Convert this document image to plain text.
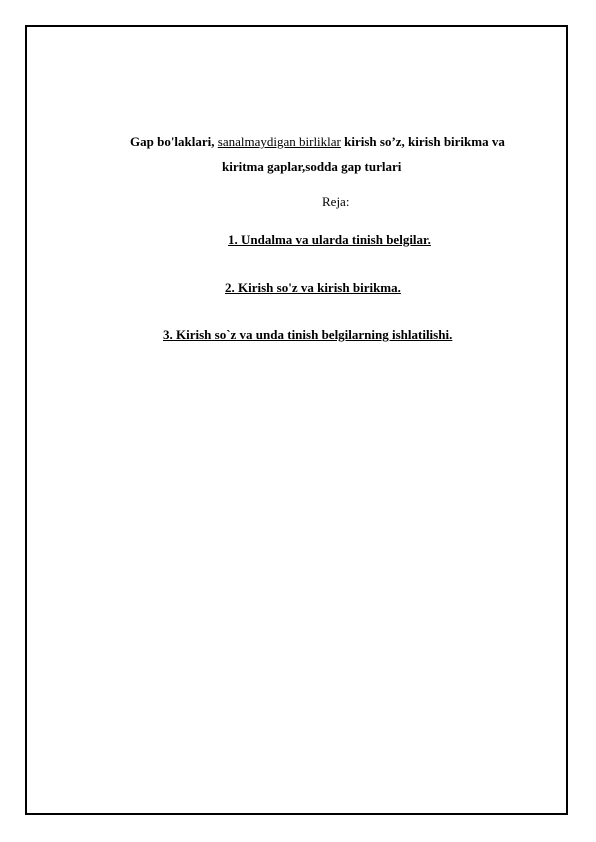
Gap bo'laklari, sanalmaydigan birliklar kirish so’z, kirish birikma va
kiritma gaplar,sodda gap turlari
Reja:
1. Undalma va ularda tinish belgilar.
2. Kirish so'z va kirish birikma.
3. Kirish so`z va unda tinish belgilarning ishlatilishi.
